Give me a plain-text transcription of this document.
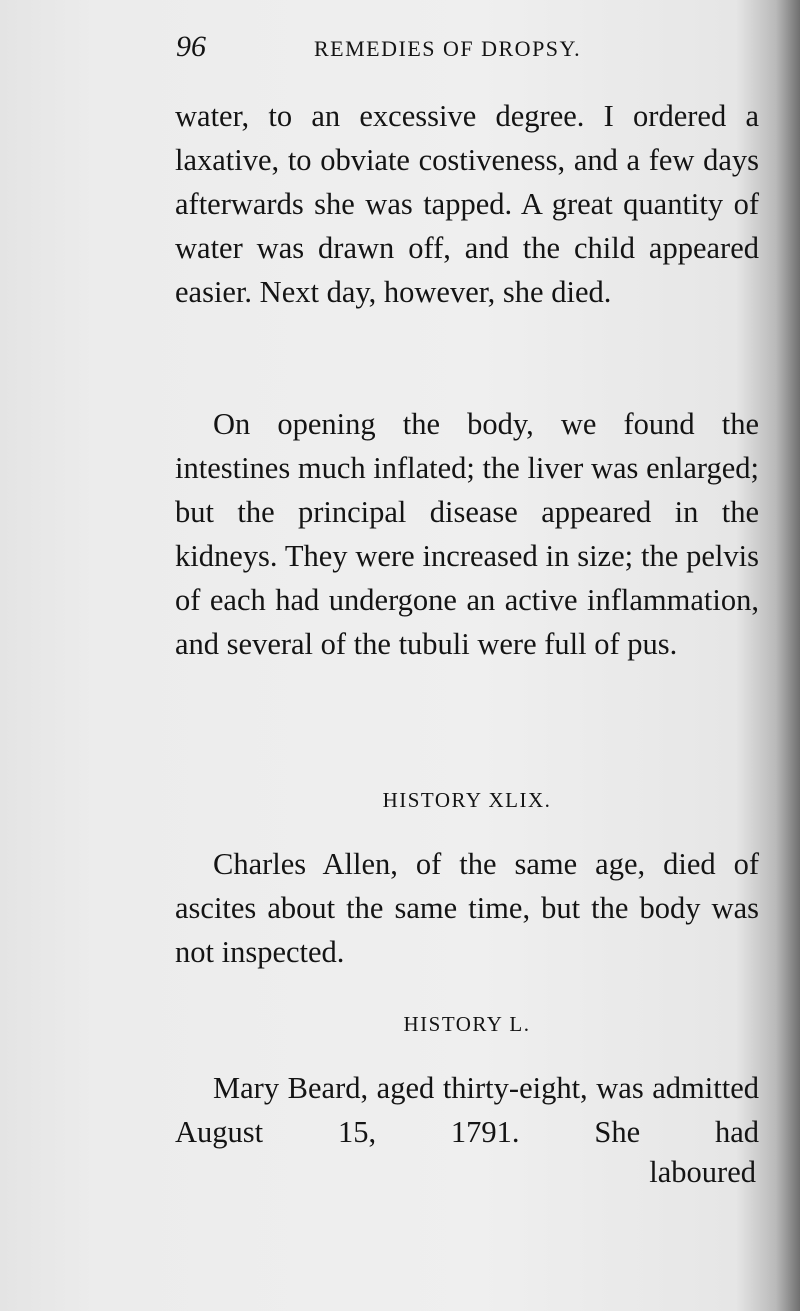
96	REMEDIES OF DROPSY.
water, to an excessive degree. I ordered a laxative, to obviate costiveness, and a few days afterwards she was tapped. A great quantity of water was drawn off, and the child appeared easier. Next day, however, she died.
On opening the body, we found the intestines much inflated; the liver was enlarged; but the principal disease appeared in the kidneys. They were increased in size; the pelvis of each had undergone an active inflammation, and several of the tubuli were full of pus.
HISTORY XLIX.
Charles Allen, of the same age, died of ascites about the same time, but the body was not inspected.
HISTORY L.
Mary Beard, aged thirty-eight, was admitted August 15, 1791. She had
laboured
